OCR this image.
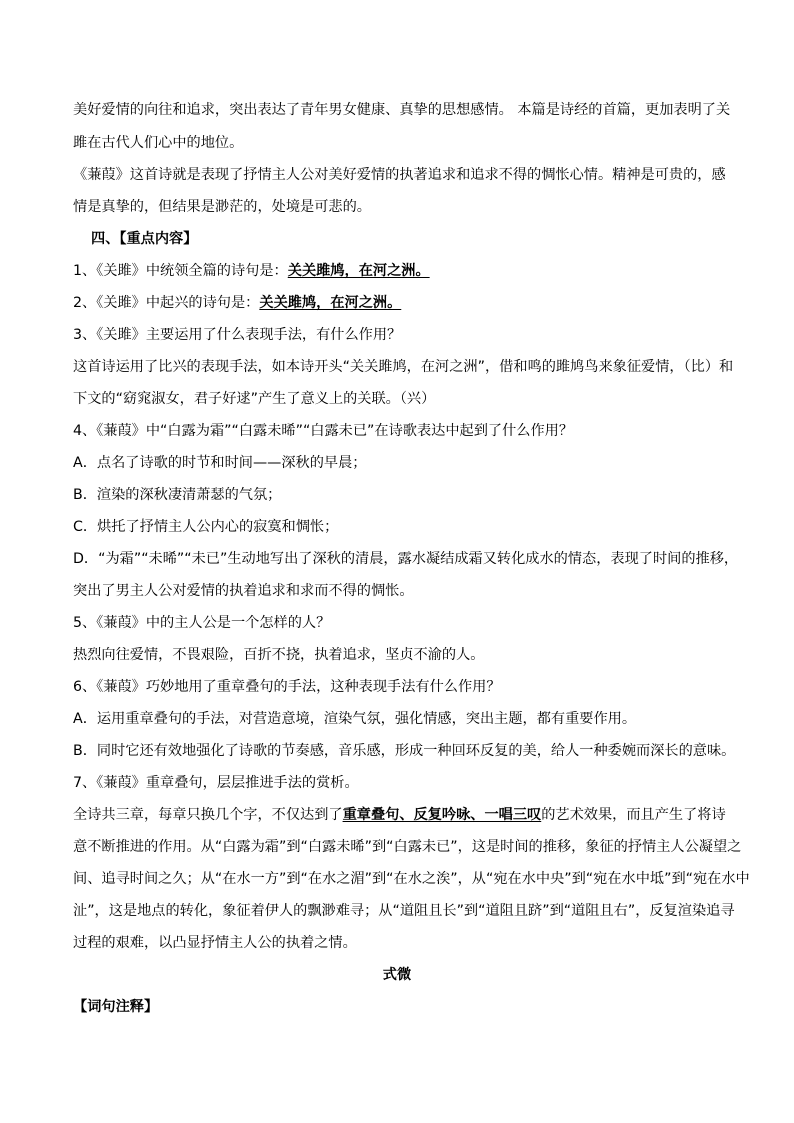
美好爱情的向往和追求，突出表达了青年男女健康、真挚的思想感情。 本篇是诗经的首篇，更加表明了关
雎在古代人们心中的地位。
《蒹葭》这首诗就是表现了抒情主人公对美好爱情的执著追求和追求不得的惆怅心情。精神是可贵的，感
情是真挚的，但结果是渺茫的，处境是可悲的。
四、【重点内容】
1、《关雎》中统领全篇的诗句是：关关雎鸠，在河之洲。
2、《关雎》中起兴的诗句是：关关雎鸠，在河之洲。
3、《关雎》主要运用了什么表现手法，有什么作用？
这首诗运用了比兴的表现手法，如本诗开头“关关雎鸠，在河之洲”，借和鸣的雎鸠鸟来象征爱情，（比）和
下文的“窈窕淑女，君子好逑”产生了意义上的关联。（兴）
4、《蒹葭》中“白露为霜”“白露未晞”“白露未已”在诗歌表达中起到了什么作用？
A．点名了诗歌的时节和时间——深秋的早晨；
B．渲染的深秋凄清萧瑟的气氛；
C．烘托了抒情主人公内心的寂寞和惆怅；
D．“为霜”“未晞”“未已”生动地写出了深秋的清晨，露水凝结成霜又转化成水的情态，表现了时间的推移，
突出了男主人公对爱情的执着追求和求而不得的惆怅。
5、《蒹葭》中的主人公是一个怎样的人？
热烈向往爱情，不畏艰险，百折不挠，执着追求，坚贞不渝的人。
6、《蒹葭》巧妙地用了重章叠句的手法，这种表现手法有什么作用？
A．运用重章叠句的手法，对营造意境，渲染气氛，强化情感，突出主题，都有重要作用。
B．同时它还有效地强化了诗歌的节奏感，音乐感，形成一种回环反复的美，给人一种委婉而深长的意味。
7、《蒹葭》重章叠句，层层推进手法的赏析。
全诗共三章，每章只换几个字，不仅达到了重章叠句、反复吟咏、一唱三叹的艺术效果，而且产生了将诗
意不断推进的作用。从“白露为霜”到“白露未晞”到“白露未已”，这是时间的推移，象征的抒情主人公凝望之
间、追寻时间之久；从“在水一方”到“在水之湄”到“在水之涘”，从“宛在水中央”到“宛在水中坻”到“宛在水中
沚”，这是地点的转化，象征着伊人的飘渺难寻；从“道阻且长”到“道阻且跻”到“道阻且右”，反复渲染追寻
过程的艰难，以凸显抒情主人公的执着之情。
式微
【词句注释】
